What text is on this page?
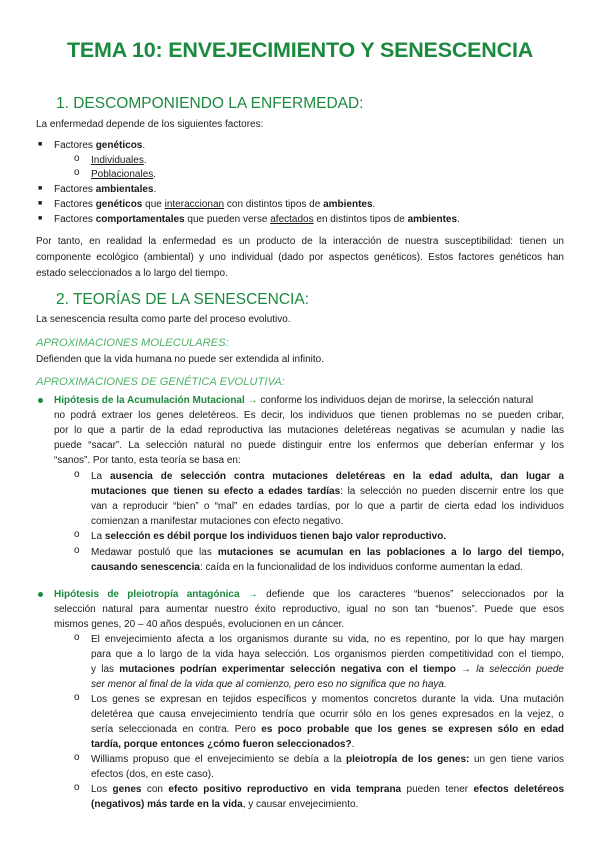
TEMA 10: ENVEJECIMIENTO Y SENESCENCIA
1. DESCOMPONIENDO LA ENFERMEDAD:
La enfermedad depende de los siguientes factores:
■ Factores genéticos.
o Individuales.
o Poblacionales.
■ Factores ambientales.
■ Factores genéticos que interaccionan con distintos tipos de ambientes.
■ Factores comportamentales que pueden verse afectados en distintos tipos de ambientes.

Por tanto, en realidad la enfermedad es un producto de la interacción de nuestra susceptibilidad: tienen un componente ecológico (ambiental) y uno individual (dado por aspectos genéticos). Estos factores genéticos han estado seleccionados a lo largo del tiempo.

2. TEORÍAS DE LA SENESCENCIA:
La senescencia resulta como parte del proceso evolutivo.
APROXIMACIONES MOLECULARES:
Defienden que la vida humana no puede ser extendida al infinito.
APROXIMACIONES DE GENÉTICA EVOLUTIVA:
Hipótesis de la Acumulación Mutacional → conforme los individuos dejan de morirse, la selección natural
no podrá extraer los genes deletéreos. Es decir, los individuos que tienen problemas no se pueden cribar,
por lo que a partir de la edad reproductiva las mutaciones deletéreas negativas se acumulan y nadie las
puede “sacar”. La selección natural no puede distinguir entre los enfermos que deberían enfermar y los
“sanos”. Por tanto, esta teoría se basa en:
o La ausencia de selección contra mutaciones deletéreas en la edad adulta, dan lugar a
mutaciones que tienen su efecto a edades tardías: la selección no pueden discernir entre los que
van a reproducir “bien” o “mal” en edades tardías, por lo que a partir de cierta edad los individuos
comienzan a manifestar mutaciones con efecto negativo.
o La selección es débil porque los individuos tienen bajo valor reproductivo.
o Medawar postuló que las mutaciones se acumulan en las poblaciones a lo largo del tiempo,
causando senescencia: caída en la funcionalidad de los individuos conforme aumentan la edad.
Hipótesis de pleiotropía antagónica → defiende que los caracteres “buenos” seleccionados por la
selección natural para aumentar nuestro éxito reproductivo, igual no son tan “buenos”. Puede que esos
mismos genes, 20 – 40 años después, evolucionen en un cáncer.
o El envejecimiento afecta a los organismos durante su vida, no es repentino, por lo que hay margen
para que a lo largo de la vida haya selección. Los organismos pierden competitividad con el tiempo,
y las mutaciones podrían experimentar selección negativa con el tiempo → la selección puede
ser menor al final de la vida que al comienzo, pero eso no significa que no haya.
o Los genes se expresan en tejidos específicos y momentos concretos durante la vida. Una mutación
deletérea que causa envejecimiento tendría que ocurrir sólo en los genes expresados en la vejez, o
sería seleccionada en contra. Pero es poco probable que los genes se expresen sólo en edad
tardía, porque entonces ¿cómo fueron seleccionados?.
o Williams propuso que el envejecimiento se debía a la pleiotropía de los genes: un gen tiene varios
efectos (dos, en este caso).
o Los genes con efecto positivo reproductivo en vida temprana pueden tener efectos deletéreos
(negativos) más tarde en la vida, y causar envejecimiento.
